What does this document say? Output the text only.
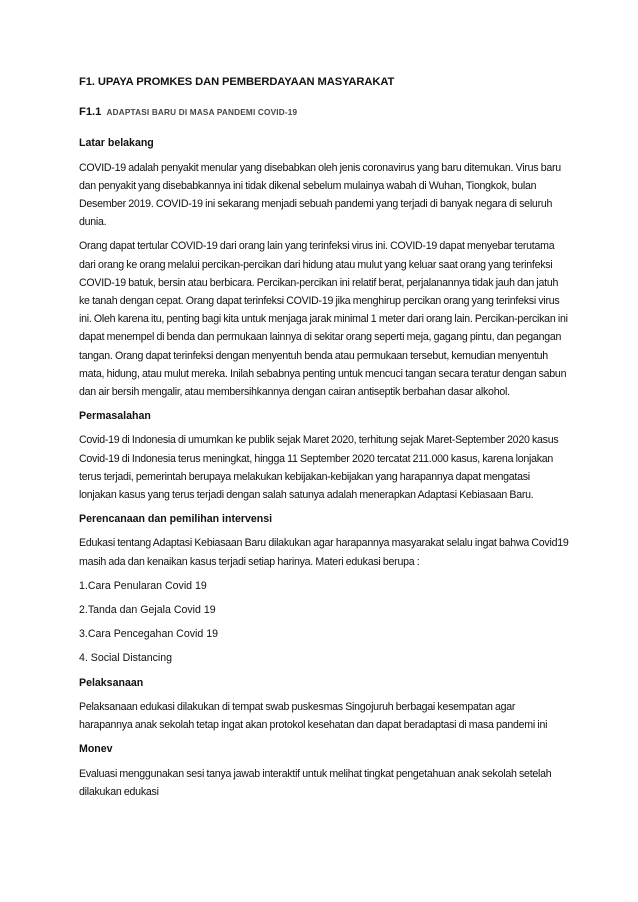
F1. UPAYA PROMKES DAN PEMBERDAYAAN MASYARAKAT
F1.1 ADAPTASI BARU DI MASA PANDEMI COVID-19
Latar belakang

COVID-19 adalah penyakit menular yang disebabkan oleh jenis coronavirus yang baru ditemukan. Virus baru dan penyakit yang disebabkannya ini tidak dikenal sebelum mulainya wabah di Wuhan, Tiongkok, bulan Desember 2019. COVID-19 ini sekarang menjadi sebuah pandemi yang terjadi di banyak negara di seluruh dunia.

Orang dapat tertular COVID-19 dari orang lain yang terinfeksi virus ini. COVID-19 dapat menyebar terutama dari orang ke orang melalui percikan-percikan dari hidung atau mulut yang keluar saat orang yang terinfeksi COVID-19 batuk, bersin atau berbicara. Percikan-percikan ini relatif berat, perjalanannya tidak jauh dan jatuh ke tanah dengan cepat. Orang dapat terinfeksi COVID-19 jika menghirup percikan orang yang terinfeksi virus ini. Oleh karena itu, penting bagi kita untuk menjaga jarak minimal 1 meter dari orang lain. Percikan-percikan ini dapat menempel di benda dan permukaan lainnya di sekitar orang seperti meja, gagang pintu, dan pegangan tangan. Orang dapat terinfeksi dengan menyentuh benda atau permukaan tersebut, kemudian menyentuh mata, hidung, atau mulut mereka. Inilah sebabnya penting untuk mencuci tangan secara teratur dengan sabun dan air bersih mengalir, atau membersihkannya dengan cairan antiseptik berbahan dasar alkohol.

Permasalahan

Covid-19 di Indonesia di umumkan ke publik sejak Maret 2020, terhitung sejak Maret-September 2020 kasus Covid-19 di Indonesia terus meningkat, hingga 11 September 2020 tercatat 211.000 kasus, karena lonjakan terus terjadi, pemerintah berupaya melakukan kebijakan-kebijakan yang harapannya dapat mengatasi lonjakan kasus yang terus terjadi dengan salah satunya adalah menerapkan Adaptasi Kebiasaan Baru.

Perencanaan dan pemilihan intervensi

Edukasi tentang Adaptasi Kebiasaan Baru dilakukan agar harapannya masyarakat selalu ingat bahwa Covid19 masih ada dan kenaikan kasus terjadi setiap harinya. Materi edukasi berupa :

1.Cara Penularan Covid 19
2.Tanda dan Gejala Covid 19
3.Cara Pencegahan Covid 19
4. Social Distancing
Pelaksanaan

Pelaksanaan edukasi dilakukan di tempat swab puskesmas Singojuruh berbagai kesempatan agar harapannya anak sekolah tetap ingat akan protokol kesehatan dan dapat beradaptasi di masa pandemi ini

Monev

Evaluasi menggunakan sesi tanya jawab interaktif untuk melihat tingkat pengetahuan anak sekolah setelah dilakukan edukasi
